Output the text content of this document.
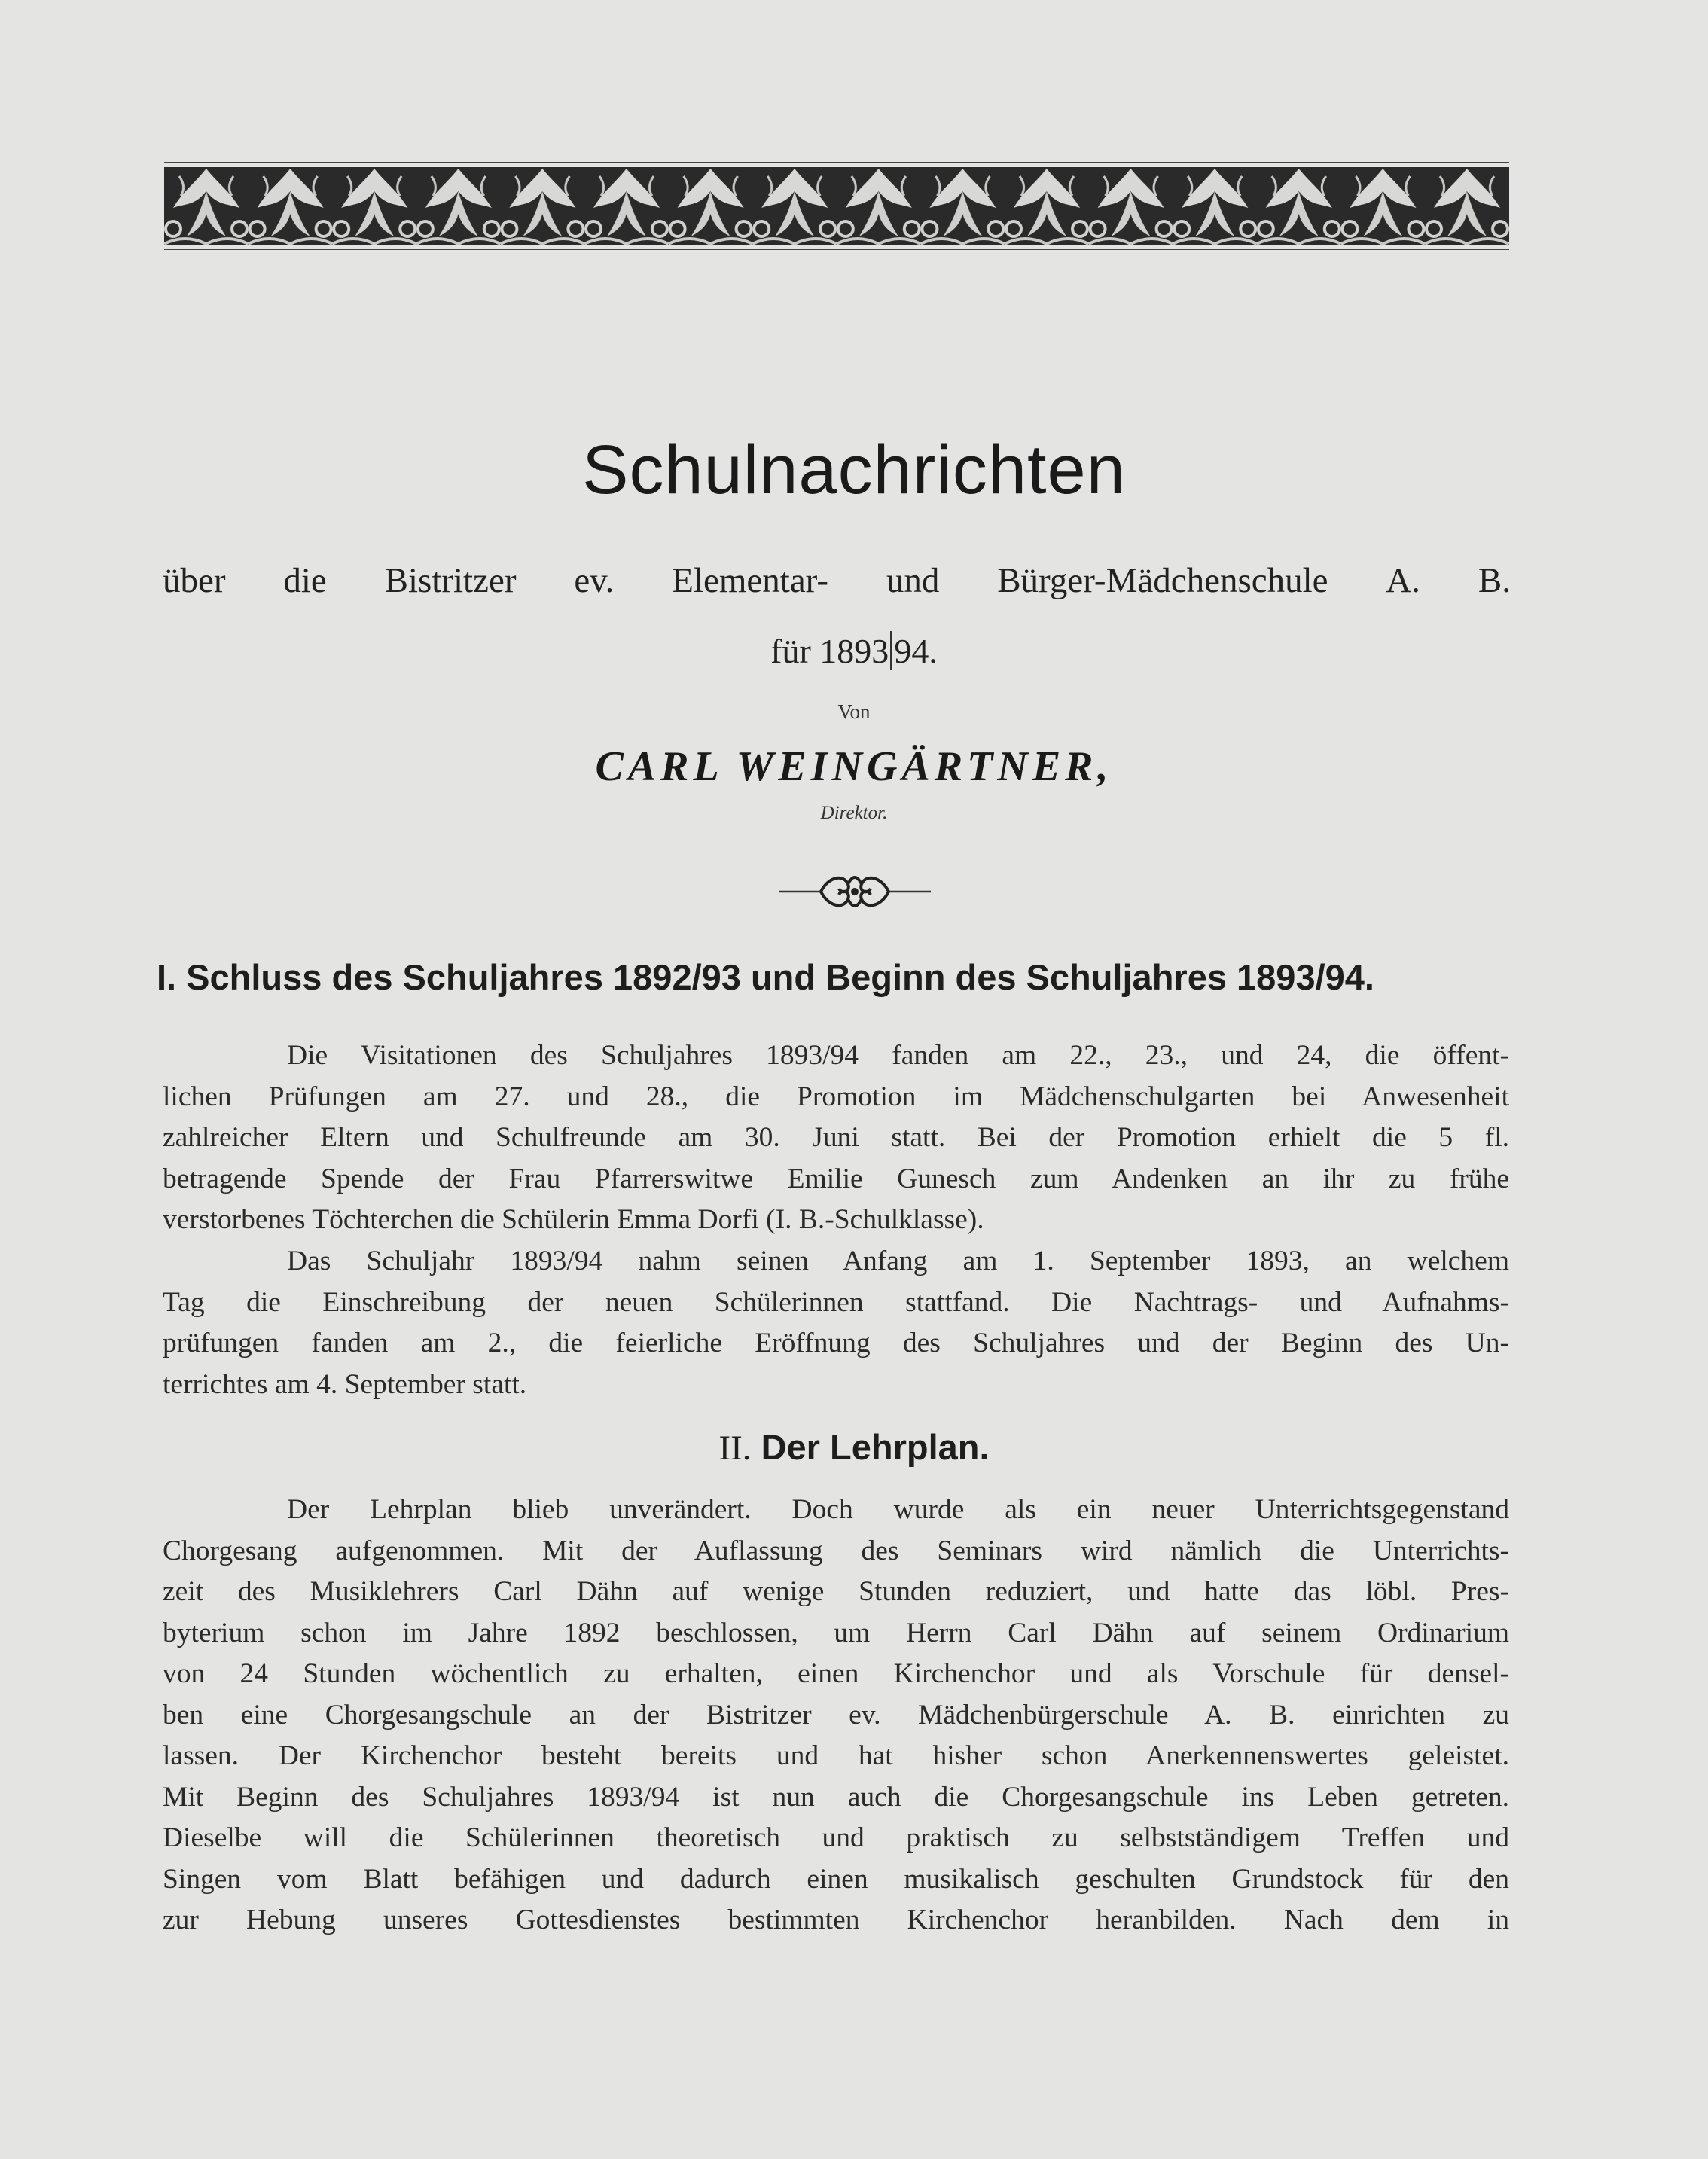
Schulnachrichten
über die Bistritzer ev. Elementar- und Bürger-Mädchenschule A. B.
für 1893 94.
Von
CARL WEINGÄRTNER,
Direktor.
I. Schluss des Schuljahres 1892/93 und Beginn des Schuljahres 1893/94.
Die Visitationen des Schuljahres 1893/94 fanden am 22., 23., und 24, die öffent-
lichen Prüfungen am 27. und 28., die Promotion im Mädchenschulgarten bei Anwesenheit
zahlreicher Eltern und Schulfreunde am 30. Juni statt. Bei der Promotion erhielt die 5 fl.
betragende Spende der Frau Pfarrerswitwe Emilie Gunesch zum Andenken an ihr zu frühe
verstorbenes Töchterchen die Schülerin Emma Dorfi (I. B.-Schulklasse).
Das Schuljahr 1893/94 nahm seinen Anfang am 1. September 1893, an welchem
Tag die Einschreibung der neuen Schülerinnen stattfand. Die Nachtrags- und Aufnahms-
prüfungen fanden am 2., die feierliche Eröffnung des Schuljahres und der Beginn des Un-
terrichtes am 4. September statt.
II. Der Lehrplan.
Der Lehrplan blieb unverändert. Doch wurde als ein neuer Unterrichtsgegenstand
Chorgesang aufgenommen. Mit der Auflassung des Seminars wird nämlich die Unterrichts-
zeit des Musiklehrers Carl Dähn auf wenige Stunden reduziert, und hatte das löbl. Pres-
byterium schon im Jahre 1892 beschlossen, um Herrn Carl Dähn auf seinem Ordinarium
von 24 Stunden wöchentlich zu erhalten, einen Kirchenchor und als Vorschule für densel-
ben eine Chorgesangschule an der Bistritzer ev. Mädchenbürgerschule A. B. einrichten zu
lassen. Der Kirchenchor besteht bereits und hat hisher schon Anerkennenswertes geleistet.
Mit Beginn des Schuljahres 1893/94 ist nun auch die Chorgesangschule ins Leben getreten.
Dieselbe will die Schülerinnen theoretisch und praktisch zu selbstständigem Treffen und
Singen vom Blatt befähigen und dadurch einen musikalisch geschulten Grundstock für den
zur Hebung unseres Gottesdienstes bestimmten Kirchenchor heranbilden. Nach dem in
